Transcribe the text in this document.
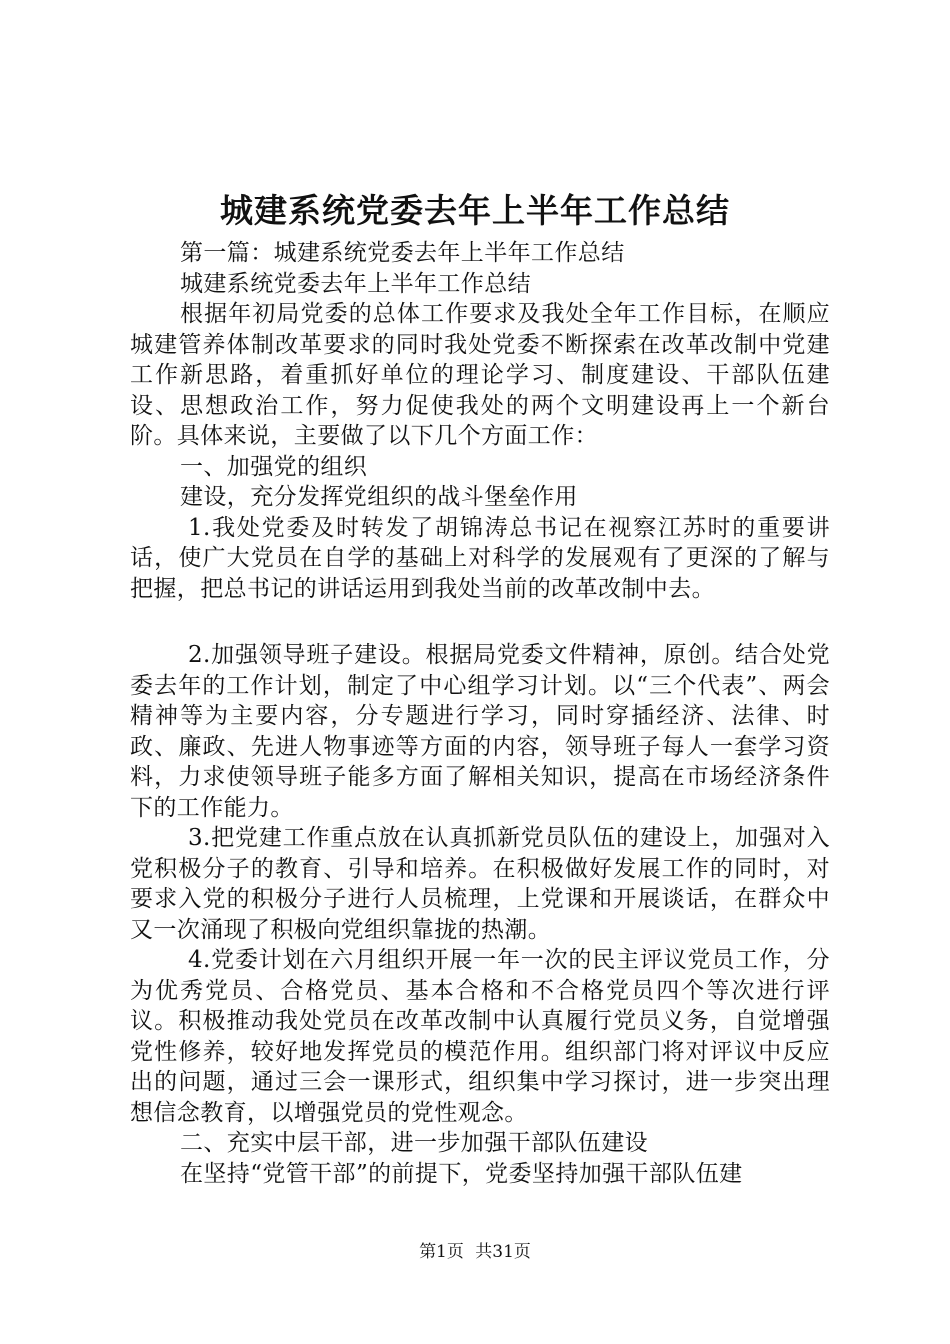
城建系统党委去年上半年工作总结

第一篇：城建系统党委去年上半年工作总结

城建系统党委去年上半年工作总结

根据年初局党委的总体工作要求及我处全年工作目标，在顺应城建管养体制改革要求的同时我处党委不断探索在改革改制中党建工作新思路，着重抓好单位的理论学习、制度建设、干部队伍建设、思想政治工作，努力促使我处的两个文明建设再上一个新台阶。具体来说，主要做了以下几个方面工作：

一、加强党的组织

建设，充分发挥党组织的战斗堡垒作用

1.我处党委及时转发了胡锦涛总书记在视察江苏时的重要讲话，使广大党员在自学的基础上对科学的发展观有了更深的了解与把握，把总书记的讲话运用到我处当前的改革改制中去。

2.加强领导班子建设。根据局党委文件精神，原创。结合处党委去年的工作计划，制定了中心组学习计划。以“三个代表”、两会精神等为主要内容，分专题进行学习，同时穿插经济、法律、时政、廉政、先进人物事迹等方面的内容，领导班子每人一套学习资料，力求使领导班子能多方面了解相关知识，提高在市场经济条件下的工作能力。

3.把党建工作重点放在认真抓新党员队伍的建设上，加强对入党积极分子的教育、引导和培养。在积极做好发展工作的同时，对要求入党的积极分子进行人员梳理，上党课和开展谈话，在群众中又一次涌现了积极向党组织靠拢的热潮。

4.党委计划在六月组织开展一年一次的民主评议党员工作，分为优秀党员、合格党员、基本合格和不合格党员四个等次进行评议。积极推动我处党员在改革改制中认真履行党员义务，自觉增强党性修养，较好地发挥党员的模范作用。组织部门将对评议中反应出的问题，通过三会一课形式，组织集中学习探讨，进一步突出理想信念教育，以增强党员的党性观念。

二、充实中层干部，进一步加强干部队伍建设

在坚持“党管干部”的前提下，党委坚持加强干部队伍建

第1页 共31页
